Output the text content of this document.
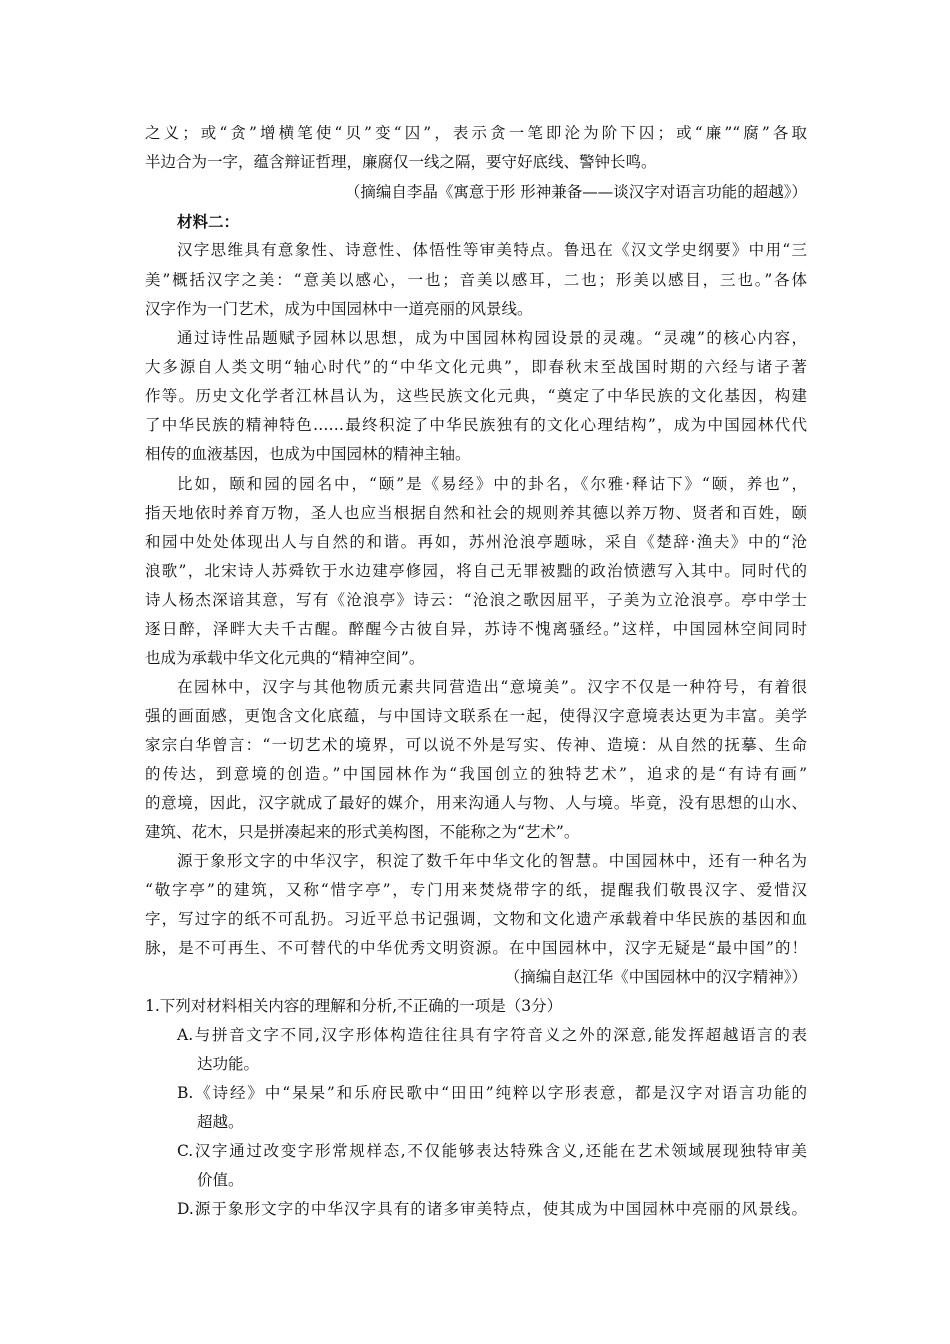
之义；或“贪”增横笔使“贝”变“囚”，表示贪一笔即沦为阶下囚；或“廉”“腐”各取
半边合为一字，蕴含辩证哲理，廉腐仅一线之隔，要守好底线、警钟长鸣。
（摘编自李晶《寓意于形 形神兼备——谈汉字对语言功能的超越》）
材料二：
汉字思维具有意象性、诗意性、体悟性等审美特点。鲁迅在《汉文学史纲要》中用“三
美”概括汉字之美：“意美以感心，一也；音美以感耳，二也；形美以感目，三也。”各体
汉字作为一门艺术，成为中国园林中一道亮丽的风景线。
通过诗性品题赋予园林以思想，成为中国园林构园设景的灵魂。“灵魂”的核心内容，
大多源自人类文明“轴心时代”的“中华文化元典”，即春秋末至战国时期的六经与诸子著
作等。历史文化学者江林昌认为，这些民族文化元典，“奠定了中华民族的文化基因，构建
了中华民族的精神特色……最终积淀了中华民族独有的文化心理结构”，成为中国园林代代
相传的血液基因，也成为中国园林的精神主轴。
比如，颐和园的园名中，“颐”是《易经》中的卦名，《尔雅·释诂下》“颐，养也”，
指天地依时养育万物，圣人也应当根据自然和社会的规则养其德以养万物、贤者和百姓，颐
和园中处处体现出人与自然的和谐。再如，苏州沧浪亭题咏，采自《楚辞·渔夫》中的“沧
浪歌”，北宋诗人苏舜钦于水边建亭修园，将自己无罪被黜的政治愤懑写入其中。同时代的
诗人杨杰深谙其意，写有《沧浪亭》诗云：“沧浪之歌因屈平，子美为立沧浪亭。亭中学士
逐日醉，泽畔大夫千古醒。醉醒今古彼自异，苏诗不愧离骚经。”这样，中国园林空间同时
也成为承载中华文化元典的“精神空间”。
在园林中，汉字与其他物质元素共同营造出“意境美”。汉字不仅是一种符号，有着很
强的画面感，更饱含文化底蕴，与中国诗文联系在一起，使得汉字意境表达更为丰富。美学
家宗白华曾言：“一切艺术的境界，可以说不外是写实、传神、造境：从自然的抚摹、生命
的传达，到意境的创造。”中国园林作为“我国创立的独特艺术”，追求的是“有诗有画”
的意境，因此，汉字就成了最好的媒介，用来沟通人与物、人与境。毕竟，没有思想的山水、
建筑、花木，只是拼凑起来的形式美构图，不能称之为“艺术”。
源于象形文字的中华汉字，积淀了数千年中华文化的智慧。中国园林中，还有一种名为
“敬字亭”的建筑，又称“惜字亭”，专门用来焚烧带字的纸，提醒我们敬畏汉字、爱惜汉
字，写过字的纸不可乱扔。习近平总书记强调，文物和文化遗产承载着中华民族的基因和血
脉，是不可再生、不可替代的中华优秀文明资源。在中国园林中，汉字无疑是“最中国”的！
（摘编自赵江华《中国园林中的汉字精神》）
1.下列对材料相关内容的理解和分析,不正确的一项是（3分）
A.与拼音文字不同,汉字形体构造往往具有字符音义之外的深意,能发挥超越语言的表
达功能。
B.《诗经》中“杲杲”和乐府民歌中“田田”纯粹以字形表意，都是汉字对语言功能的
超越。
C.汉字通过改变字形常规样态,不仅能够表达特殊含义,还能在艺术领域展现独特审美
价值。
D.源于象形文字的中华汉字具有的诸多审美特点，使其成为中国园林中亮丽的风景线。
